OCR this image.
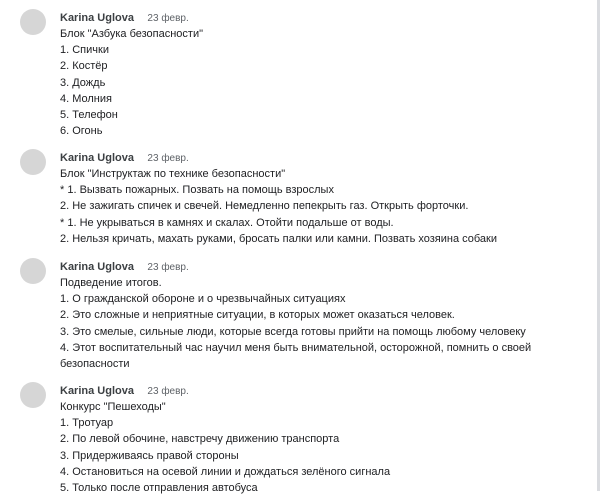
Karina Uglova 23 февр.
Блок "Азбука безопасности"
1. Спички
2. Костёр
3. Дождь
4. Молния
5. Телефон
6. Огонь
Karina Uglova 23 февр.
Блок "Инструктаж по технике безопасности"
* 1. Вызвать пожарных. Позвать на помощь взрослых
2. Не зажигать спичек и свечей. Немедленно пепекрыть газ. Открыть форточки.
* 1. Не укрываться в камнях и скалах. Отойти подальше от воды.
2. Нельзя кричать, махать руками, бросать палки или камни. Позвать хозяина собаки
Karina Uglova 23 февр.
Подведение итогов.
1. О гражданской обороне и о чрезвычайных ситуациях
2. Это сложные и неприятные ситуации, в которых может оказаться человек.
3. Это смелые, сильные люди, которые всегда готовы прийти на помощь любому человеку
4. Этот воспитательный час научил меня быть внимательной, осторожной, помнить о своей
безопасности
Karina Uglova 23 февр.
Конкурс "Пешеходы"
1. Тротуар
2. По левой обочине, навстречу движению транспорта
3. Придерживаясь правой стороны
4. Остановиться на осевой линии и дождаться зелёного сигнала
5. Только после отправления автобуса
